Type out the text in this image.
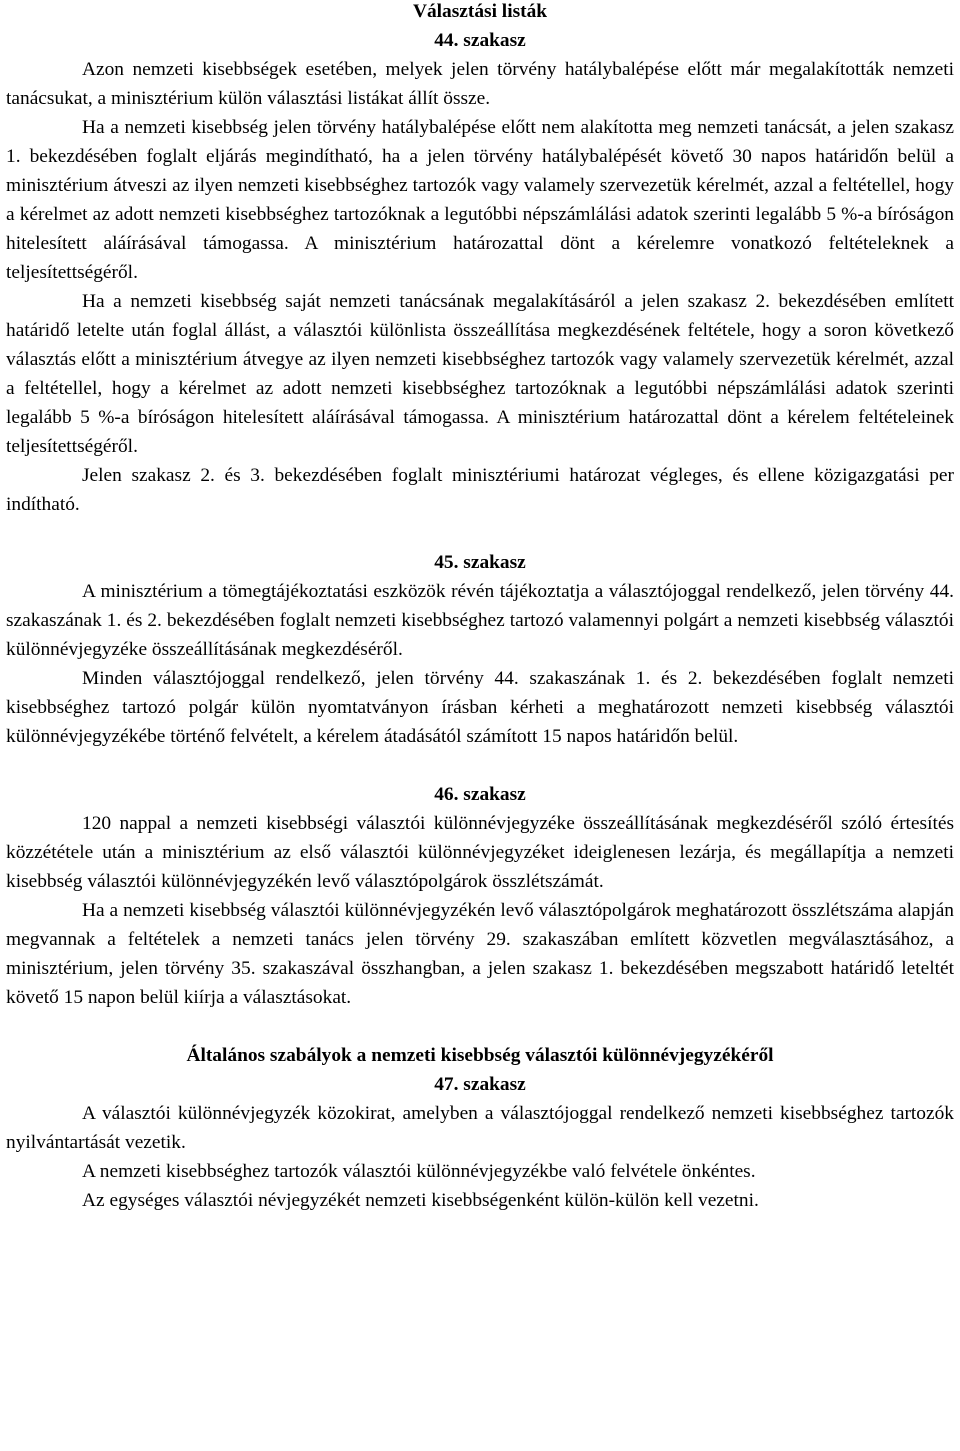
Választási listák

44. szakasz

Azon nemzeti kisebbségek esetében, melyek jelen törvény hatálybalépése előtt már megalakították nemzeti tanácsukat, a minisztérium külön választási listákat állít össze.

Ha a nemzeti kisebbség jelen törvény hatálybalépése előtt nem alakította meg nemzeti tanácsát, a jelen szakasz 1. bekezdésében foglalt eljárás megindítható, ha a jelen törvény hatálybalépését követő 30 napos határidőn belül a minisztérium átveszi az ilyen nemzeti kisebbséghez tartozók vagy valamely szervezetük kérelmét, azzal a feltétellel, hogy a kérelmet az adott nemzeti kisebbséghez tartozóknak a legutóbbi népszámlálási adatok szerinti legalább 5 %-a bíróságon hitelesített aláírásával támogassa. A minisztérium határozattal dönt a kérelemre vonatkozó feltételeknek a teljesítettségéről.

Ha a nemzeti kisebbség saját nemzeti tanácsának megalakításáról a jelen szakasz 2. bekezdésében említett határidő letelte után foglal állást, a választói különlista összeállítása megkezdésének feltétele, hogy a soron következő választás előtt a minisztérium átvegye az ilyen nemzeti kisebbséghez tartozók vagy valamely szervezetük kérelmét, azzal a feltétellel, hogy a kérelmet az adott nemzeti kisebbséghez tartozóknak a legutóbbi népszámlálási adatok szerinti legalább 5 %-a bíróságon hitelesített aláírásával támogassa. A minisztérium határozattal dönt a kérelem feltételeinek teljesítettségéről.

Jelen szakasz 2. és 3. bekezdésében foglalt minisztériumi határozat végleges, és ellene közigazgatási per indítható.

45. szakasz

A minisztérium a tömegtájékoztatási eszközök révén tájékoztatja a választójoggal rendelkező, jelen törvény 44. szakaszának 1. és 2. bekezdésében foglalt nemzeti kisebbséghez tartozó valamennyi polgárt a nemzeti kisebbség választói különnévjegyzéke összeállításának megkezdéséről.

Minden választójoggal rendelkező, jelen törvény 44. szakaszának 1. és 2. bekezdésében foglalt nemzeti kisebbséghez tartozó polgár külön nyomtatványon írásban kérheti a meghatározott nemzeti kisebbség választói különnévjegyzékébe történő felvételt, a kérelem átadásától számított 15 napos határidőn belül.

46. szakasz

120 nappal a nemzeti kisebbségi választói különnévjegyzéke összeállításának megkezdéséről szóló értesítés közzététele után a minisztérium az első választói különnévjegyzéket ideiglenesen lezárja, és megállapítja a nemzeti kisebbség választói különnévjegyzékén levő választópolgárok összlétszámát.

Ha a nemzeti kisebbség választói különnévjegyzékén levő választópolgárok meghatározott összlétszáma alapján megvannak a feltételek a nemzeti tanács jelen törvény 29. szakaszában említett közvetlen megválasztásához, a minisztérium, jelen törvény 35. szakaszával összhangban, a jelen szakasz 1. bekezdésében megszabott határidő leteltét követő 15 napon belül kiírja a választásokat.

Általános szabályok a nemzeti kisebbség választói különnévjegyzékéről

47. szakasz

A választói különnévjegyzék közokirat, amelyben a választójoggal rendelkező nemzeti kisebbséghez tartozók nyilvántartását vezetik.

A nemzeti kisebbséghez tartozók választói különnévjegyzékbe való felvétele önkéntes.

Az egységes választói névjegyzékét nemzeti kisebbségenként külön-külön kell vezetni.
